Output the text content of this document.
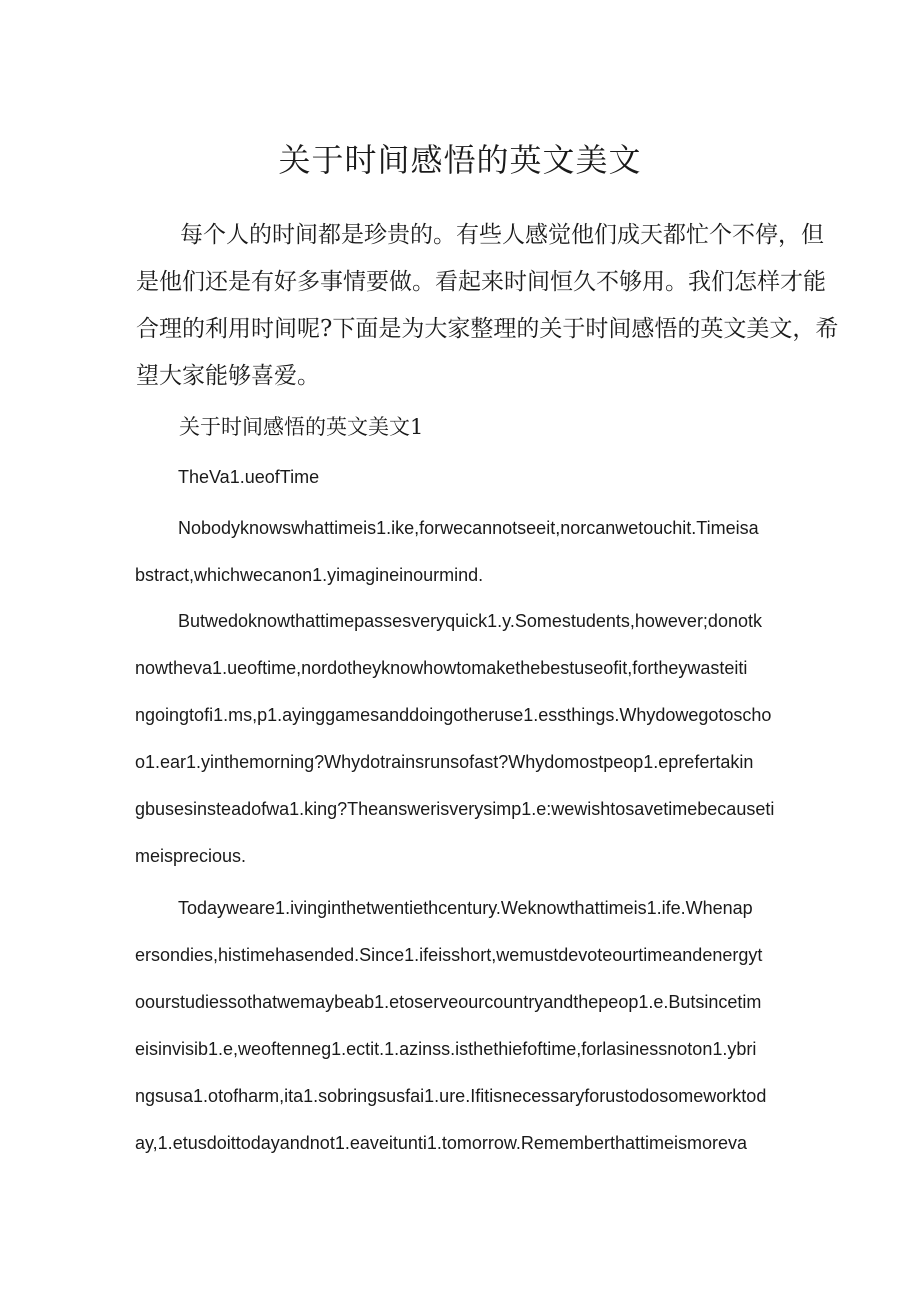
关于时间感悟的英文美文
每个人的时间都是珍贵的。有些人感觉他们成天都忙个不停，但
是他们还是有好多事情要做。看起来时间恒久不够用。我们怎样才能
合理的利用时间呢?下面是为大家整理的关于时间感悟的英文美文，希
望大家能够喜爱。
关于时间感悟的英文美文1
TheVa1.ueofTime
Nobodyknowswhattimeis1.ike,forwecannotseeit,norcanwetouchit.Timeisa
bstract,whichwecanon1.yimagineinourmind.
Butwedoknowthattimepassesveryquick1.y.Somestudents,however;donotk
nowtheva1.ueoftime,nordotheyknowhowtomakethebestuseofit,fortheywasteiti
ngoingtofi1.ms,p1.ayinggamesanddoingotheruse1.essthings.Whydowegotoscho
o1.ear1.yinthemorning?Whydotrainsrunsofast?Whydomostpeop1.eprefertakin
gbusesinsteadofwa1.king?Theanswerisverysimp1.e:wewishtosavetimebecauseti
meisprecious.
Todayweare1.ivinginthetwentiethcentury.Weknowthattimeis1.ife.Whenap
ersondies,histimehasended.Since1.ifeisshort,wemustdevoteourtimeandenergyt
oourstudiessothatwemaybeab1.etoserveourcountryandthepeop1.e.Butsincetim
eisinvisib1.e,weoftenneg1.ectit.1.azinss.isthethiefoftime,forlasinessnoton1.ybri
ngsusa1.otofharm,ita1.sobringsusfai1.ure.Ifitisnecessaryforustodosomeworktod
ay,1.etusdoittodayandnot1.eaveitunti1.tomorrow.Rememberthattimeismoreva
